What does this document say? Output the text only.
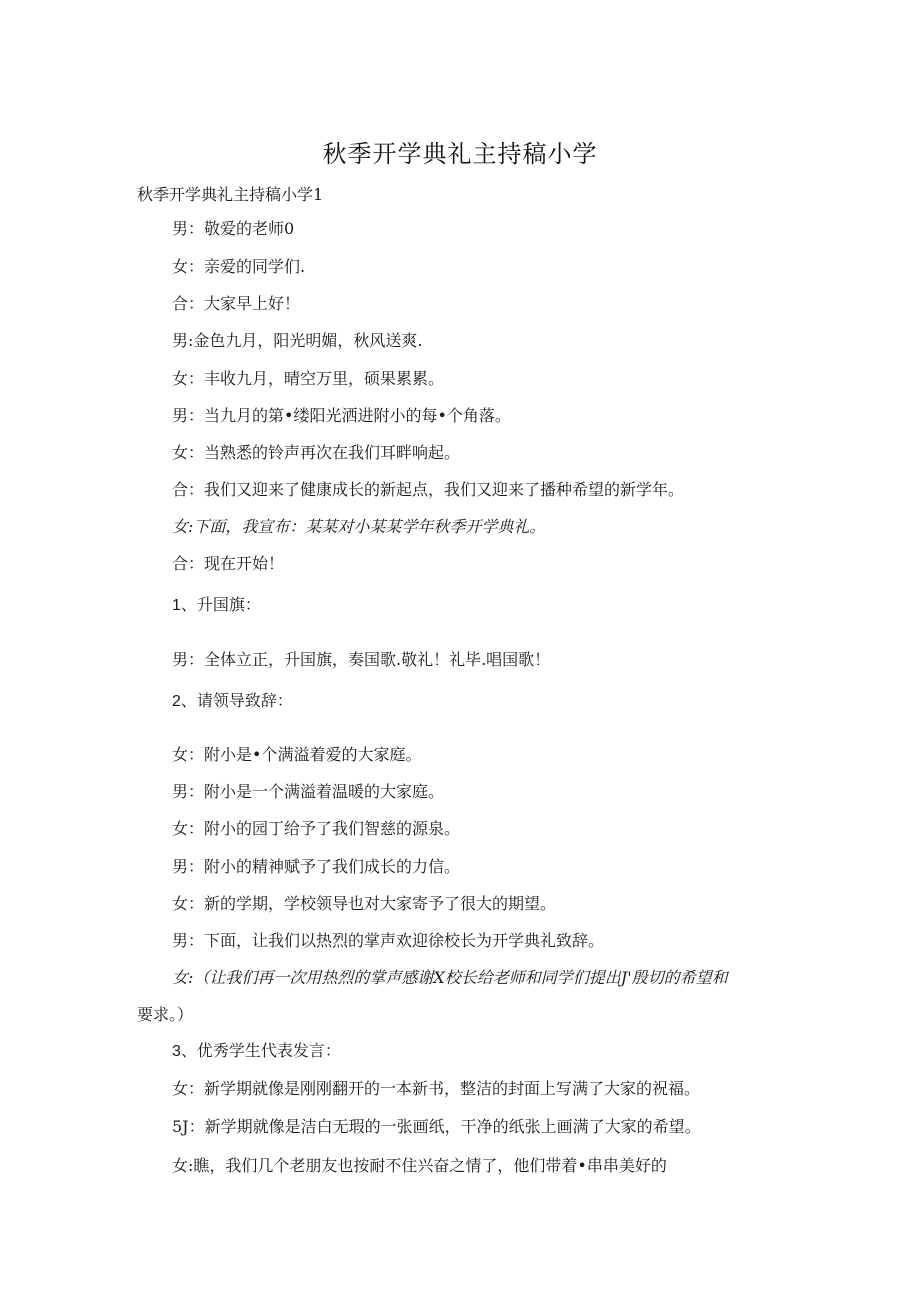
秋季开学典礼主持稿小学
秋季开学典礼主持稿小学1
男：敬爱的老师0
女：亲爱的同学们.
合：大家早上好！
男:金色九月，阳光明媚，秋风送爽.
女：丰收九月，晴空万里，硕果累累。
男：当九月的第•缕阳光洒进附小的每•个角落。
女：当熟悉的铃声再次在我们耳畔响起。
合：我们又迎来了健康成长的新起点，我们又迎来了播种希望的新学年。
女:下面，我宣布：某某对小某某学年秋季开学典礼。
合：现在开始！
1、升国旗：
男：全体立正，升国旗，奏国歌.敬礼！礼毕.唱国歌！
2、请领导致辞：
女：附小是•个满溢着爱的大家庭。
男：附小是一个满溢着温暖的大家庭。
女：附小的园丁给予了我们智慈的源泉。
男：附小的精神赋予了我们成长的力信。
女：新的学期，学校领导也对大家寄予了很大的期望。
男：下面，让我们以热烈的掌声欢迎徐校长为开学典礼致辞。
女:（让我们再一次用热烈的掌声感谢X校长给老师和同学们提出J'殷切的希望和
要求。）
3、优秀学生代表发言：
女：新学期就像是刚刚翻开的一本新书，整洁的封面上写满了大家的祝福。
5J：新学期就像是洁白无瑕的一张画纸，干净的纸张上画满了大家的希望。
女:瞧，我们几个老朋友也按耐不住兴奋之情了，他们带着•串串美好的
